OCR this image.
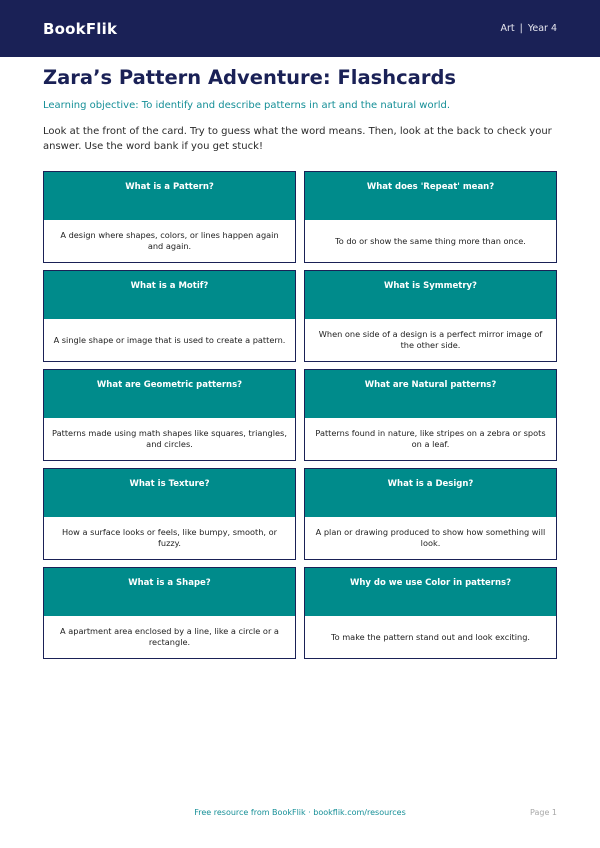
BookFlik	Art | Year 4
Zara’s Pattern Adventure: Flashcards

Learning objective: To identify and describe patterns in art and the natural world.

Look at the front of the card. Try to guess what the word means. Then, look at the back to check your answer. Use the word bank if you get stuck!

What is a Pattern?
A design where shapes, colors, or lines happen again and again.
What does 'Repeat' mean?
To do or show the same thing more than once.
What is a Motif?
A single shape or image that is used to create a pattern.
What is Symmetry?
When one side of a design is a perfect mirror image of the other side.
What are Geometric patterns?
Patterns made using math shapes like squares, triangles, and circles.
What are Natural patterns?
Patterns found in nature, like stripes on a zebra or spots on a leaf.
What is Texture?
How a surface looks or feels, like bumpy, smooth, or fuzzy.
What is a Design?
A plan or drawing produced to show how something will look.
What is a Shape?
A apartment area enclosed by a line, like a circle or a rectangle.
Why do we use Color in patterns?
To make the pattern stand out and look exciting.
Free resource from BookFlik · bookflik.com/resources	Page 1
